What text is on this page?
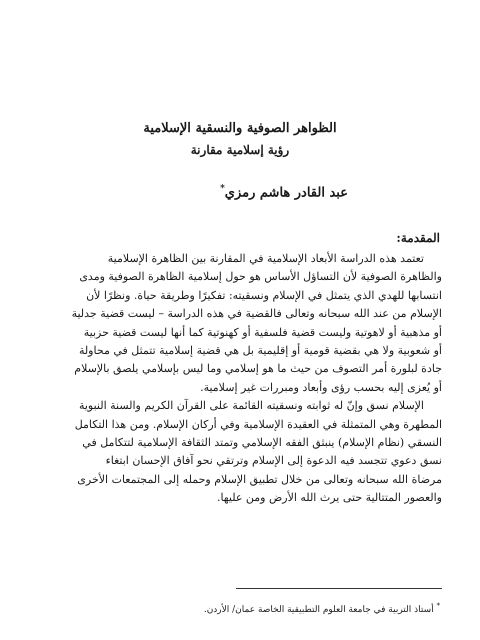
الظواهر الصوفية والنسقية الإسلامية
رؤية إسلامية مقارنة
عبد القادر هاشم رمزي*
المقدمة:
تعتمد هذه الدراسة الأبعاد الإسلامية في المقارنة بين الظاهرة الإسلامية
والظاهرة الصوفية لأن التساؤل الأساس هو حول إسلامية الظاهرة الصوفية ومدى
انتسابها للهدي الذي يتمثل في الإسلام ونسقيته: تفكيرًا وطريقة حياة. ونظرًا لأن
الإسلام من عند الله سبحانه وتعالى فالقضية في هذه الدراسة – ليست قضية جدلية
أو مذهبية أو لاهوتية وليست قضية فلسفية أو كهنوتية كما أنها ليست قضية حزبية
أو شعوبية ولا هي بقضية قومية أو إقليمية بل هي قضية إسلامية تتمثل في محاولة
جادة لبلورة أمر التصوف من حيث ما هو إسلامي وما ليس بإسلامي يلصق بالإسلام
أو يُعزى إليه بحسب رؤى وأبعاد ومبررات غير إسلامية.
الإسلام نسق وإنّ له ثوابته ونسقيته القائمة على القرآن الكريم والسنة النبوية
المطهرة وهي المتمثلة في العقيدة الإسلامية وفي أركان الإسلام. ومن هذا التكامل
النسقي (نظام الإسلام) ينبثق الفقه الإسلامي وتمتد الثقافة الإسلامية لتتكامل في
نسق دعوي تتجسد فيه الدعوة إلى الإسلام وترتقي نحو آفاق الإحسان ابتغاء
مرضاة الله سبحانه وتعالى من خلال تطبيق الإسلام وحمله إلى المجتمعات الأخرى
والعصور المتتالية حتى يرث الله الأرض ومن عليها.
* أستاذ التربية في جامعة العلوم التطبيقية الخاصة عمان/ الأردن.
